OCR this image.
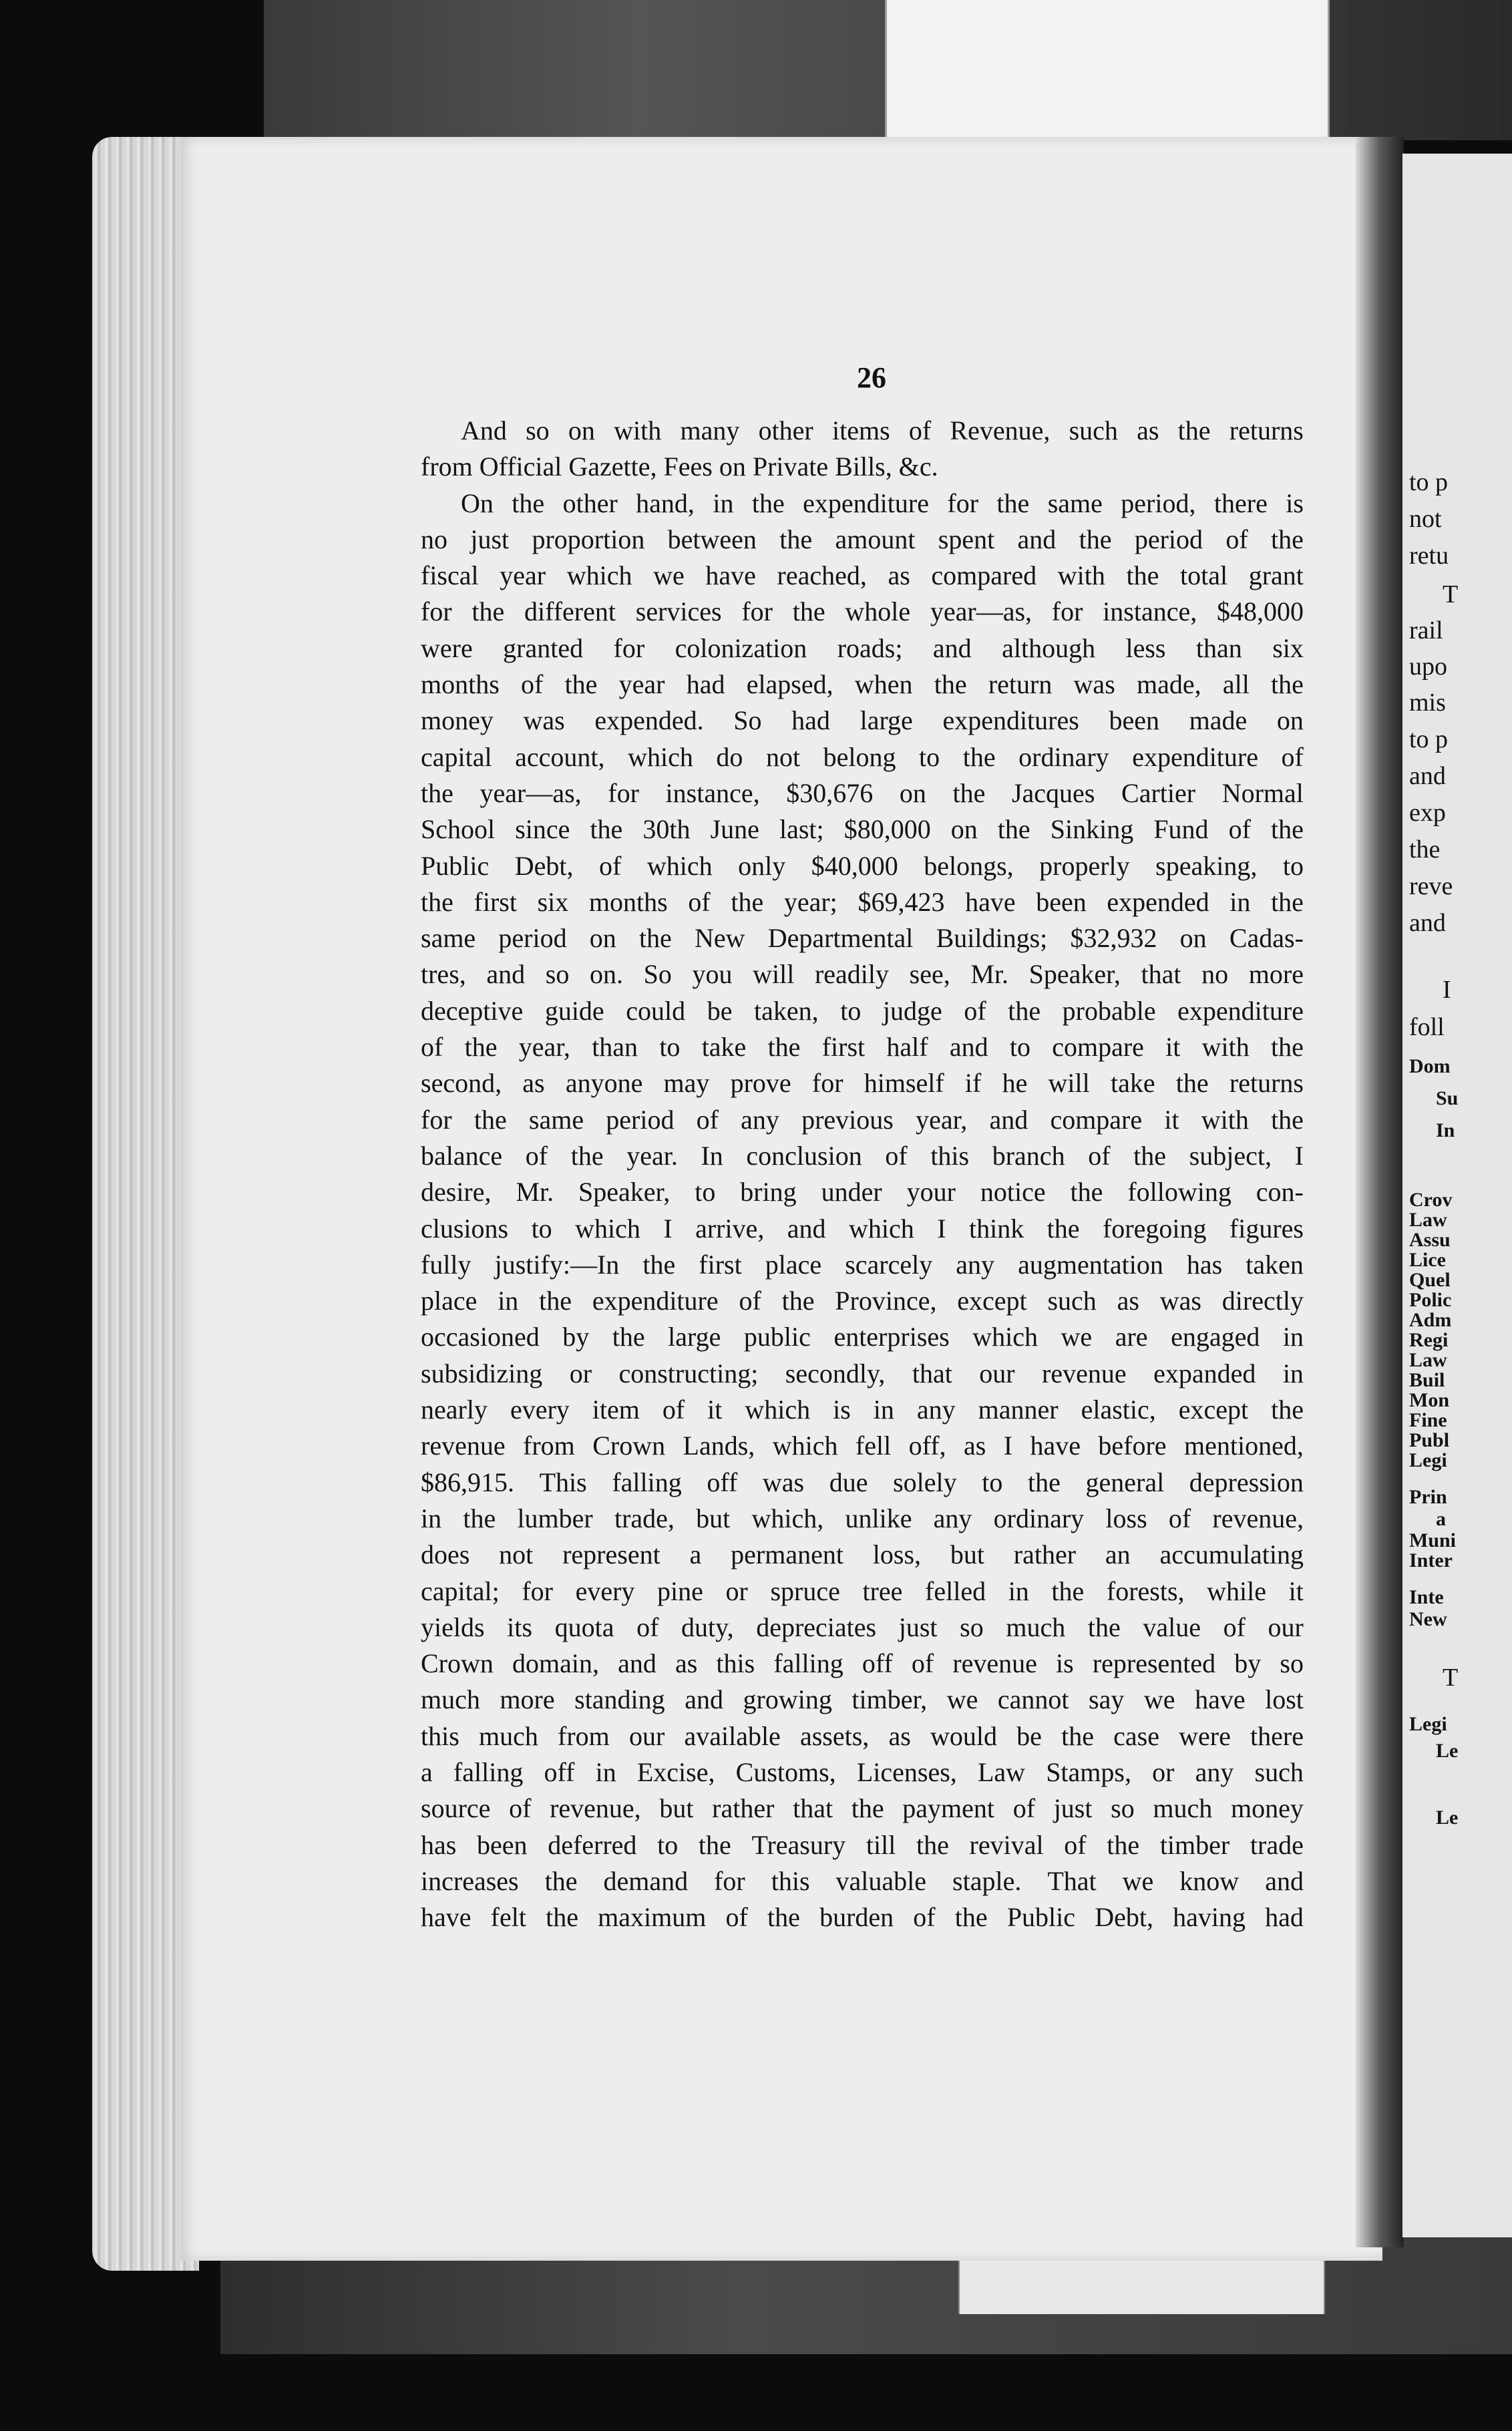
26
And so on with many other items of Revenue, such as the returns
from Official Gazette, Fees on Private Bills, &c.
On the other hand, in the expenditure for the same period, there is
no just proportion between the amount spent and the period of the
fiscal year which we have reached, as compared with the total grant
for the different services for the whole year—as, for instance, $48,000
were granted for colonization roads; and although less than six
months of the year had elapsed, when the return was made, all the
money was expended. So had large expenditures been made on
capital account, which do not belong to the ordinary expenditure of
the year—as, for instance, $30,676 on the Jacques Cartier Normal
School since the 30th June last; $80,000 on the Sinking Fund of the
Public Debt, of which only $40,000 belongs, properly speaking, to
the first six months of the year; $69,423 have been expended in the
same period on the New Departmental Buildings; $32,932 on Cadas-
tres, and so on. So you will readily see, Mr. Speaker, that no more
deceptive guide could be taken, to judge of the probable expenditure
of the year, than to take the first half and to compare it with the
second, as anyone may prove for himself if he will take the returns
for the same period of any previous year, and compare it with the
balance of the year. In conclusion of this branch of the subject, I
desire, Mr. Speaker, to bring under your notice the following con-
clusions to which I arrive, and which I think the foregoing figures
fully justify:—In the first place scarcely any augmentation has taken
place in the expenditure of the Province, except such as was directly
occasioned by the large public enterprises which we are engaged in
subsidizing or constructing; secondly, that our revenue expanded in
nearly every item of it which is in any manner elastic, except the
revenue from Crown Lands, which fell off, as I have before mentioned,
$86,915. This falling off was due solely to the general depression
in the lumber trade, but which, unlike any ordinary loss of revenue,
does not represent a permanent loss, but rather an accumulating
capital; for every pine or spruce tree felled in the forests, while it
yields its quota of duty, depreciates just so much the value of our
Crown domain, and as this falling off of revenue is represented by so
much more standing and growing timber, we cannot say we have lost
this much from our available assets, as would be the case were there
a falling off in Excise, Customs, Licenses, Law Stamps, or any such
source of revenue, but rather that the payment of just so much money
has been deferred to the Treasury till the revival of the timber trade
increases the demand for this valuable staple. That we know and
have felt the maximum of the burden of the Public Debt, having had
to p
not
retu
T
rail
upo
mis
to p
and
exp
the
reve
and
I
foll
Dom
Su
In
Crov
Law
Assu
Lice
Quel
Polic
Adm
Regi
Law
Buil
Mon
Fine
Publ
Legi
Prin
a
Muni
Inter
Inte
New
T
Legi
Le
Le
